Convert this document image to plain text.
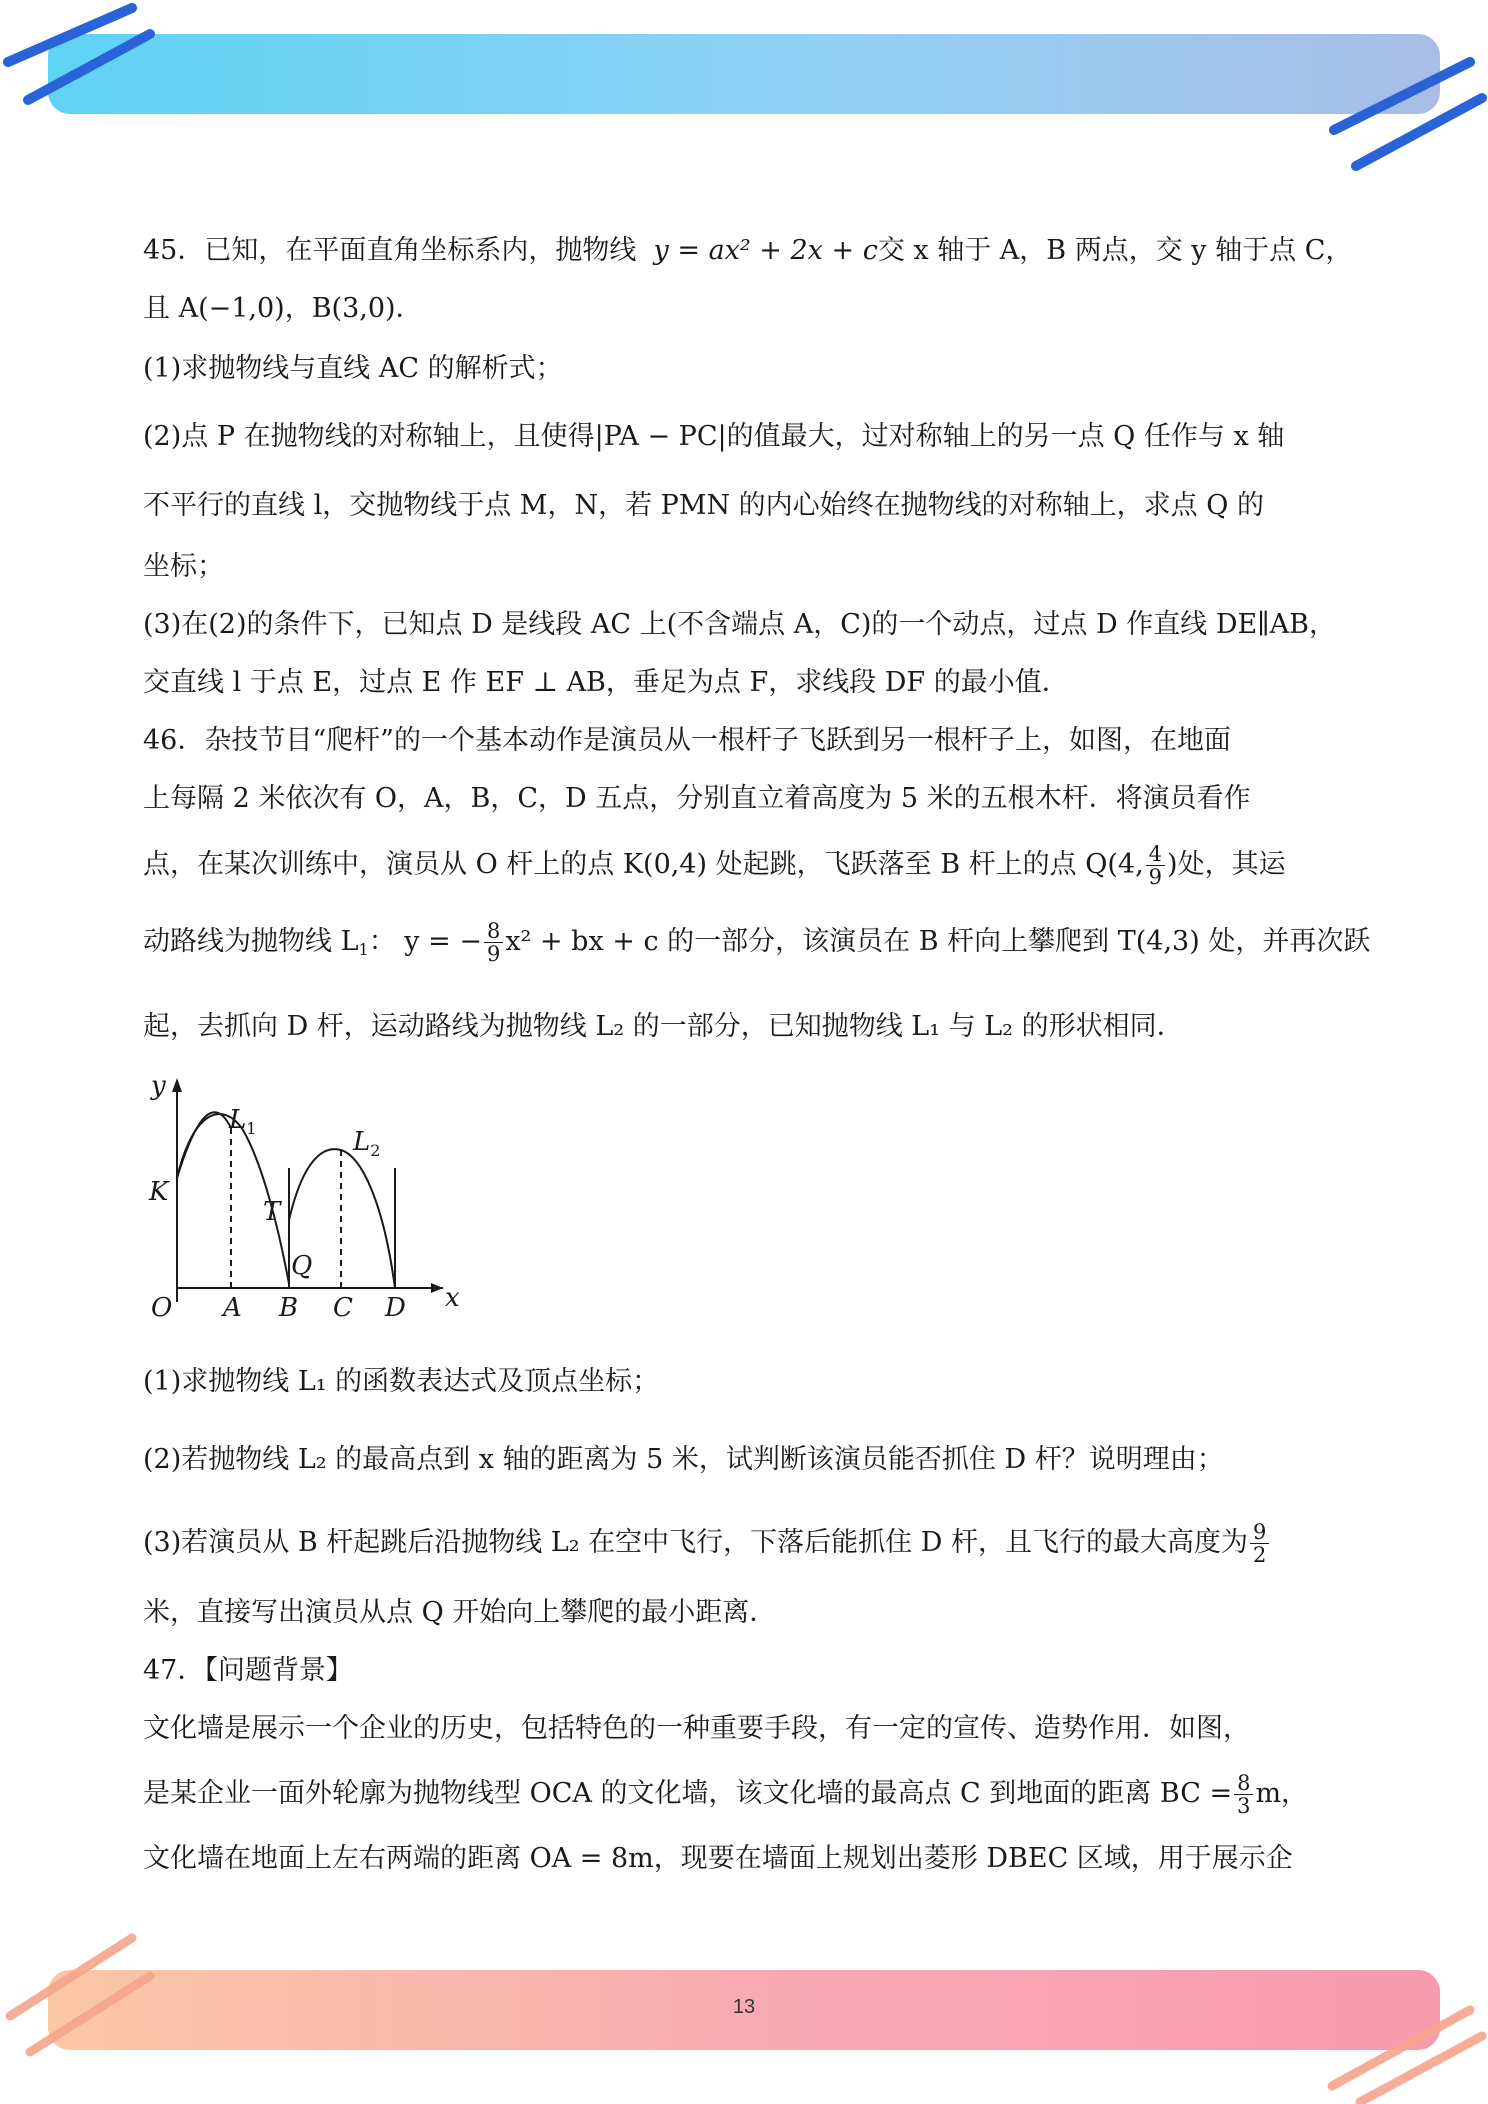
13

45．已知，在平面直角坐标系内，抛物线 y = ax² + 2x + c交 x 轴于 A，B 两点，交 y 轴于点 C，

且 A(−1,0)，B(3,0)．

(1)求抛物线与直线 AC 的解析式；

(2)点 P 在抛物线的对称轴上，且使得|PA − PC|的值最大，过对称轴上的另一点 Q 任作与 x 轴

不平行的直线 l，交抛物线于点 M，N，若 PMN 的内心始终在抛物线的对称轴上，求点 Q 的

坐标；

(3)在(2)的条件下，已知点 D 是线段 AC 上(不含端点 A，C)的一个动点，过点 D 作直线 DE∥AB，

交直线 l 于点 E，过点 E 作 EF ⊥ AB，垂足为点 F，求线段 DF 的最小值．

46．杂技节目“爬杆”的一个基本动作是演员从一根杆子飞跃到另一根杆子上，如图，在地面

上每隔 2 米依次有 O，A，B，C，D 五点，分别直立着高度为 5 米的五根木杆．将演员看作

点，在某次训练中，演员从 O 杆上的点 K(0,4) 处起跳，飞跃落至 B 杆上的点 Q(4, $\frac{4}{9}$ )处，其运

动路线为抛物线 $L_1$： y = − $\frac{8}{9} x^2$ + bx + c 的一部分，该演员在 B 杆向上攀爬到 T(4,3) 处，并再次跃

起，去抓向 D 杆，运动路线为抛物线 L₂ 的一部分，已知抛物线 L₁ 与 L₂ 的形状相同．

y
x
K
T
Q
$L_1$	$L_2$
O A B C D

(1)求抛物线 L₁ 的函数表达式及顶点坐标；

(2)若抛物线 L₂ 的最高点到 x 轴的距离为 5 米，试判断该演员能否抓住 D 杆？说明理由；

(3)若演员从 B 杆起跳后沿抛物线 L₂ 在空中飞行，下落后能抓住 D 杆，且飞行的最大高度为 $\frac{9}{2}$

米，直接写出演员从点 Q 开始向上攀爬的最小距离．

47．【问题背景】

文化墙是展示一个企业的历史，包括特色的一种重要手段，有一定的宣传、造势作用．如图，

是某企业一面外轮廓为抛物线型 OCA 的文化墙，该文化墙的最高点 C 到地面的距离 BC = $\frac{8}{3}$ m，

文化墙在地面上左右两端的距离 OA = 8m，现要在墙面上规划出菱形 DBEC 区域，用于展示企
